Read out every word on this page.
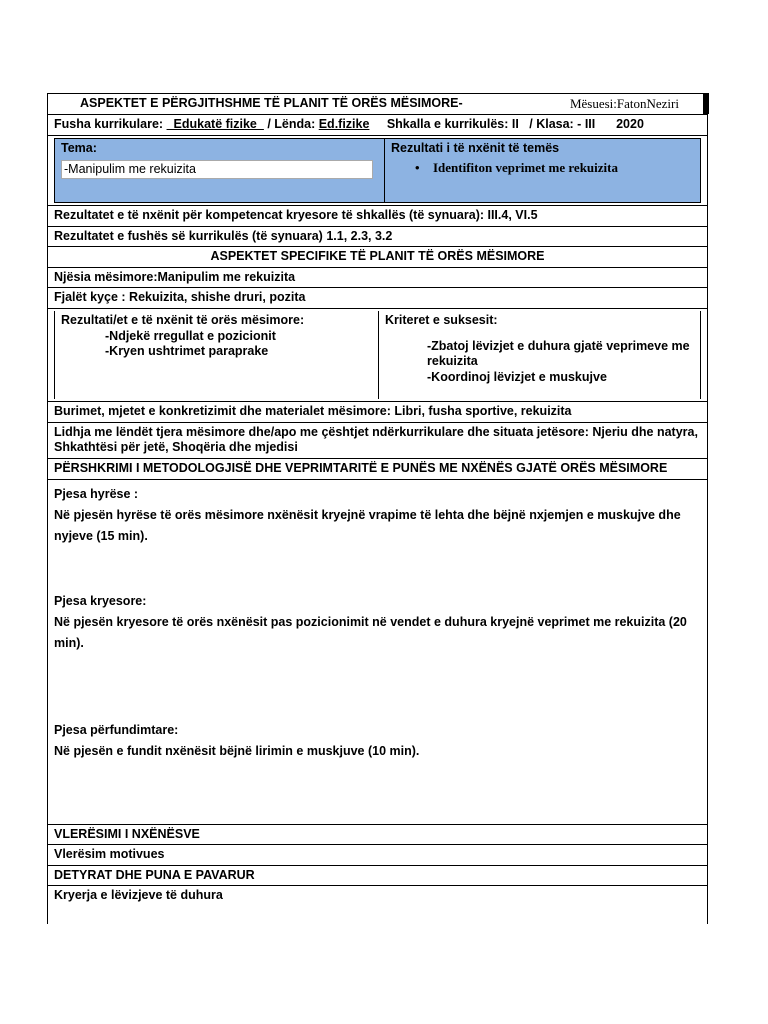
ASPEKTET E PËRGJITHSHME TË PLANIT TË ORËS MËSIMORE-	Mësuesi:FatonNeziri
Fusha kurrikulare: _Edukatë fizike_ / Lënda: Ed.fizike Shkalla e kurrikulës: II / Klasa: - III 2020
Tema:
-Manipulim me rekuizita
Rezultati i të nxënit të temës
• Identifiton veprimet me rekuizita
Rezultatet e të nxënit për kompetencat kryesore të shkallës (të synuara): III.4, VI.5
Rezultatet e fushës së kurrikulës (të synuara) 1.1, 2.3, 3.2
ASPEKTET SPECIFIKE TË PLANIT TË ORËS MËSIMORE
Njësia mësimore:Manipulim me rekuizita
Fjalët kyçe : Rekuizita, shishe druri, pozita
Rezultati/et e të nxënit të orës mësimore:
-Ndjekë rregullat e pozicionit
-Kryen ushtrimet paraprake
Kriteret e suksesit:
-Zbatoj lëvizjet e duhura gjatë veprimeve me rekuizita
-Koordinoj lëvizjet e muskujve
Burimet, mjetet e konkretizimit dhe materialet mësimore: Libri, fusha sportive, rekuizita
Lidhja me lëndët tjera mësimore dhe/apo me çështjet ndërkurrikulare dhe situata jetësore: Njeriu dhe natyra, Shkathtësi për jetë, Shoqëria dhe mjedisi
PËRSHKRIMI I METODOLOGJISË DHE VEPRIMTARITË E PUNËS ME NXËNËS GJATË ORËS MËSIMORE

Pjesa hyrëse :

Në pjesën hyrëse të orës mësimore nxënësit kryejnë vrapime të lehta dhe bëjnë nxjemjen e muskujve dhe nyjeve (15 min).

Pjesa kryesore:

Në pjesën kryesore të orës nxënësit pas pozicionimit në vendet e duhura kryejnë veprimet me rekuizita (20 min).

Pjesa përfundimtare:

Në pjesën e fundit nxënësit bëjnë lirimin e muskjuve (10 min).

VLERËSIMI I NXËNËSVE
Vlerësim motivues
DETYRAT DHE PUNA E PAVARUR
Kryerja e lëvizjeve të duhura
